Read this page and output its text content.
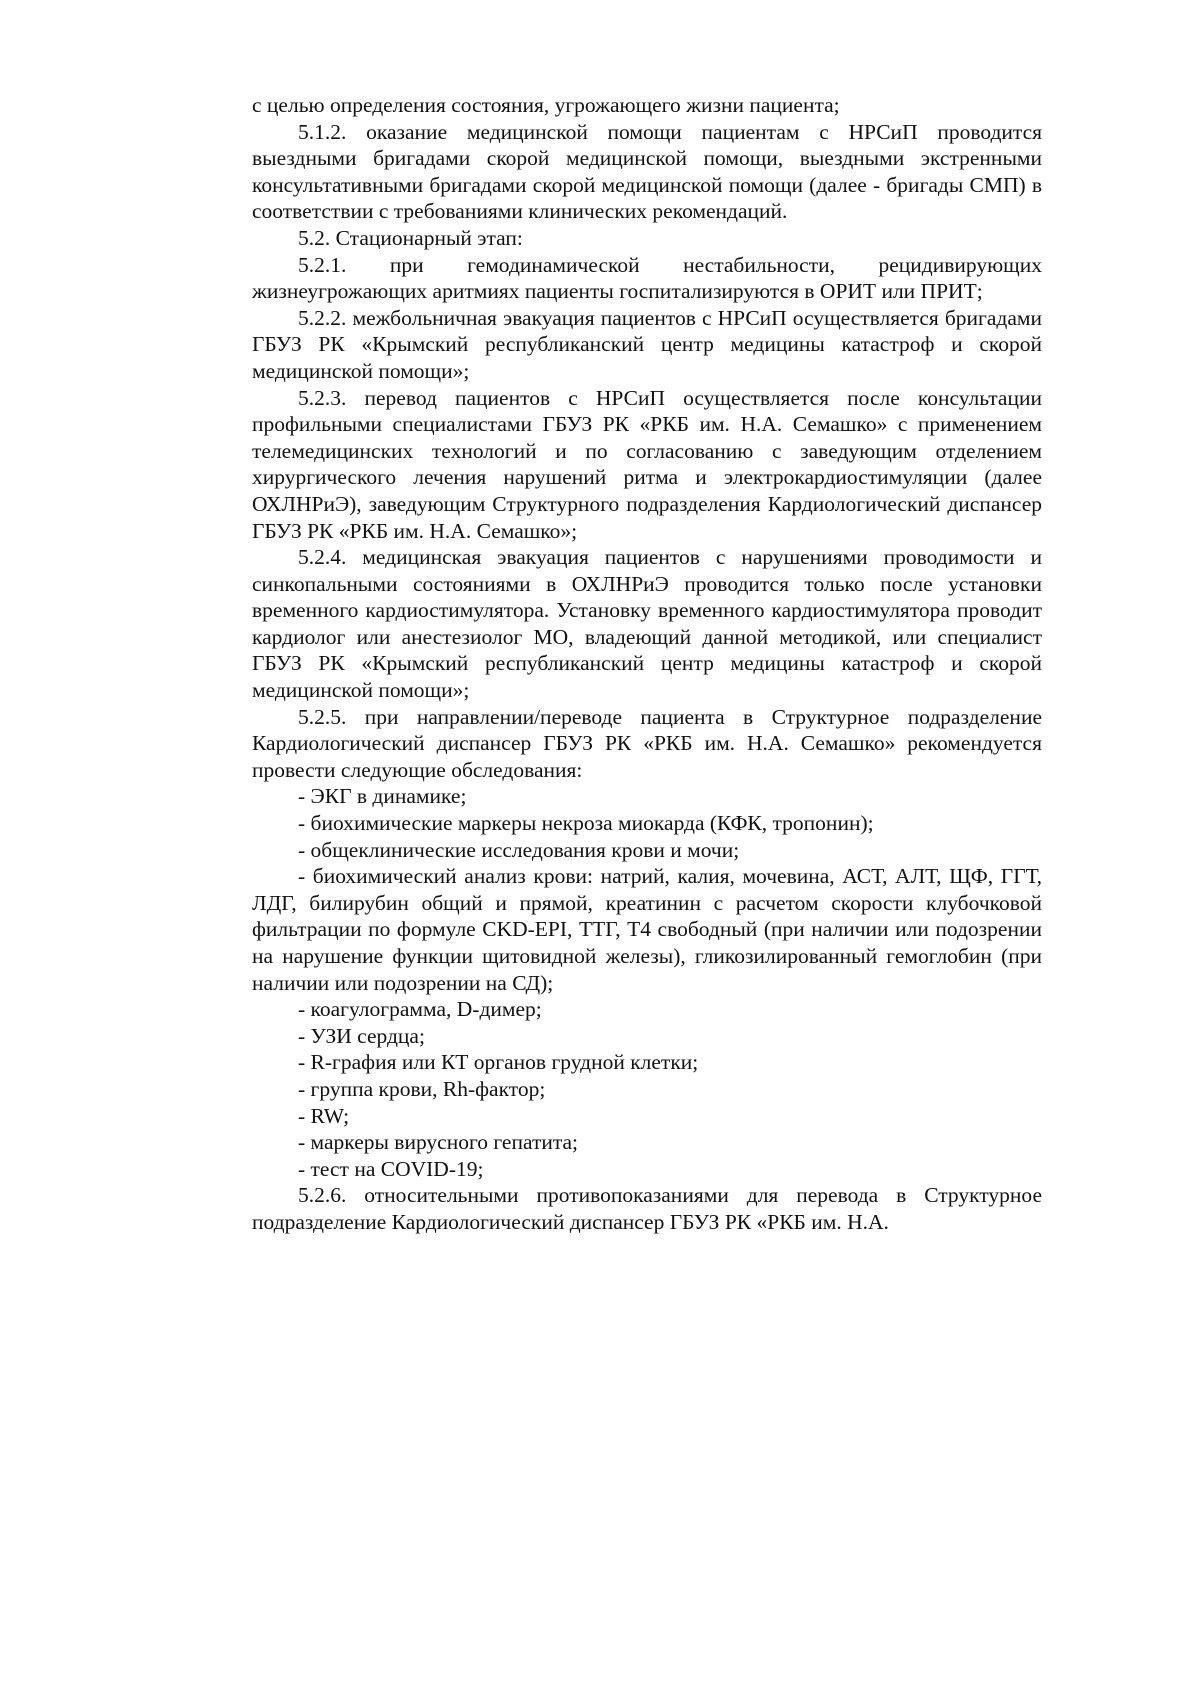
с целью определения состояния, угрожающего жизни пациента;

5.1.2. оказание медицинской помощи пациентам с НРСиП проводится выездными бригадами скорой медицинской помощи, выездными экстренными консультативными бригадами скорой медицинской помощи (далее - бригады СМП) в соответствии с требованиями клинических рекомендаций.

5.2. Стационарный этап:

5.2.1. при гемодинамической нестабильности, рецидивирующих жизнеугрожающих аритмиях пациенты госпитализируются в ОРИТ или ПРИТ;

5.2.2. межбольничная эвакуация пациентов с НРСиП осуществляется бригадами ГБУЗ РК «Крымский республиканский центр медицины катастроф и скорой медицинской помощи»;

5.2.3. перевод пациентов с НРСиП осуществляется после консультации профильными специалистами ГБУЗ РК «РКБ им. Н.А. Семашко» с применением телемедицинских технологий и по согласованию с заведующим отделением хирургического лечения нарушений ритма и электрокардиостимуляции (далее ОХЛНРиЭ), заведующим Структурного подразделения Кардиологический диспансер ГБУЗ РК «РКБ им. Н.А. Семашко»;

5.2.4. медицинская эвакуация пациентов с нарушениями проводимости и синкопальными состояниями в ОХЛНРиЭ проводится только после установки временного кардиостимулятора. Установку временного кардиостимулятора проводит кардиолог или анестезиолог МО, владеющий данной методикой, или специалист ГБУЗ РК «Крымский республиканский центр медицины катастроф и скорой медицинской помощи»;

5.2.5. при направлении/переводе пациента в Структурное подразделение Кардиологический диспансер ГБУЗ РК «РКБ им. Н.А. Семашко» рекомендуется провести следующие обследования:

- ЭКГ в динамике;

- биохимические маркеры некроза миокарда (КФК, тропонин);

- общеклинические исследования крови и мочи;

- биохимический анализ крови: натрий, калия, мочевина, АСТ, АЛТ, ЩФ, ГГТ, ЛДГ, билирубин общий и прямой, креатинин с расчетом скорости клубочковой фильтрации по формуле CKD-EPI, ТТГ, Т4 свободный (при наличии или подозрении на нарушение функции щитовидной железы), гликозилированный гемоглобин (при наличии или подозрении на СД);

- коагулограмма, D-димер;

- УЗИ сердца;

- R-графия или КТ органов грудной клетки;

- группа крови, Rh-фактор;

- RW;

- маркеры вирусного гепатита;

- тест на COVID-19;

5.2.6. относительными противопоказаниями для перевода в Структурное подразделение Кардиологический диспансер ГБУЗ РК «РКБ им. Н.А.
